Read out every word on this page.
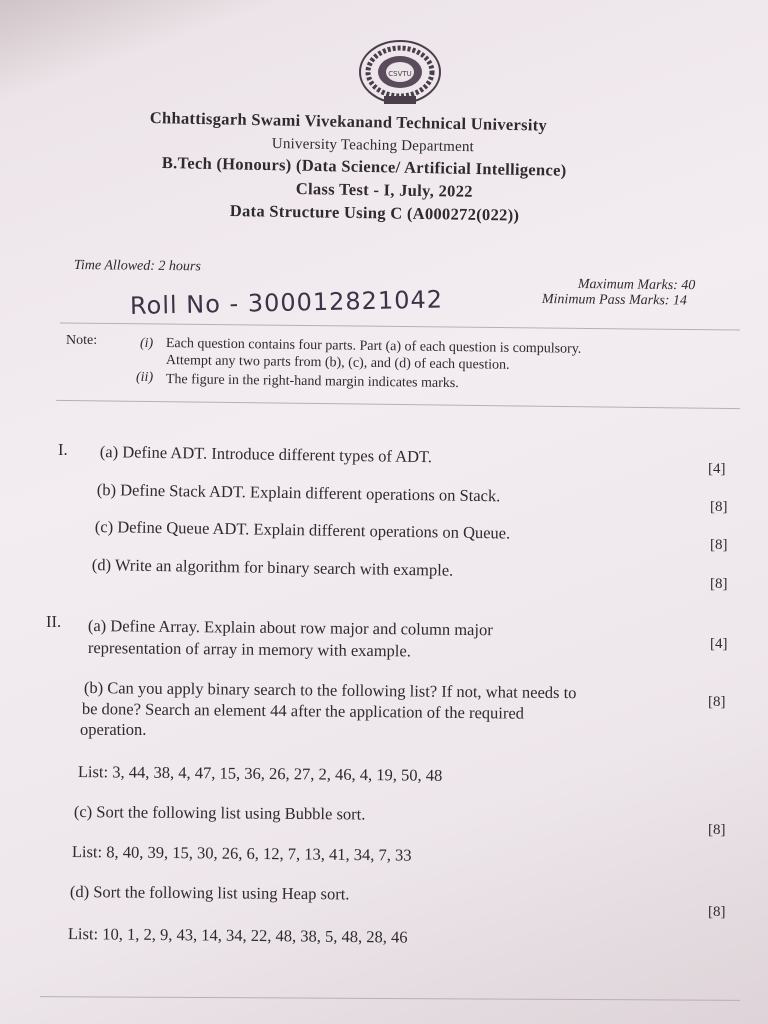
CSVTU
Chhattisgarh Swami Vivekanand Technical University
University Teaching Department
B.Tech (Honours) (Data Science/ Artificial Intelligence)
Class Test - I, July, 2022
Data Structure Using C (A000272(022))
Time Allowed: 2 hours
Maximum Marks: 40
Minimum Pass Marks: 14
Roll No - 300012821042
Note:	(i) Each question contains four parts. Part (a) of each question is compulsory.
Attempt any two parts from (b), (c), and (d) of each question.
(ii) The figure in the right-hand margin indicates marks.
I. (a) Define ADT. Introduce different types of ADT.
[4]
(b) Define Stack ADT. Explain different operations on Stack.
[8]
(c) Define Queue ADT. Explain different operations on Queue.
[8]
(d) Write an algorithm for binary search with example.
[8]
II. (a) Define Array. Explain about row major and column major
representation of array in memory with example.	[4]
(b) Can you apply binary search to the following list? If not, what needs to
be done? Search an element 44 after the application of the required
operation.
[8]
List: 3, 44, 38, 4, 47, 15, 36, 26, 27, 2, 46, 4, 19, 50, 48
(c) Sort the following list using Bubble sort.
[8]
List: 8, 40, 39, 15, 30, 26, 6, 12, 7, 13, 41, 34, 7, 33
(d) Sort the following list using Heap sort.
[8]
List: 10, 1, 2, 9, 43, 14, 34, 22, 48, 38, 5, 48, 28, 46
